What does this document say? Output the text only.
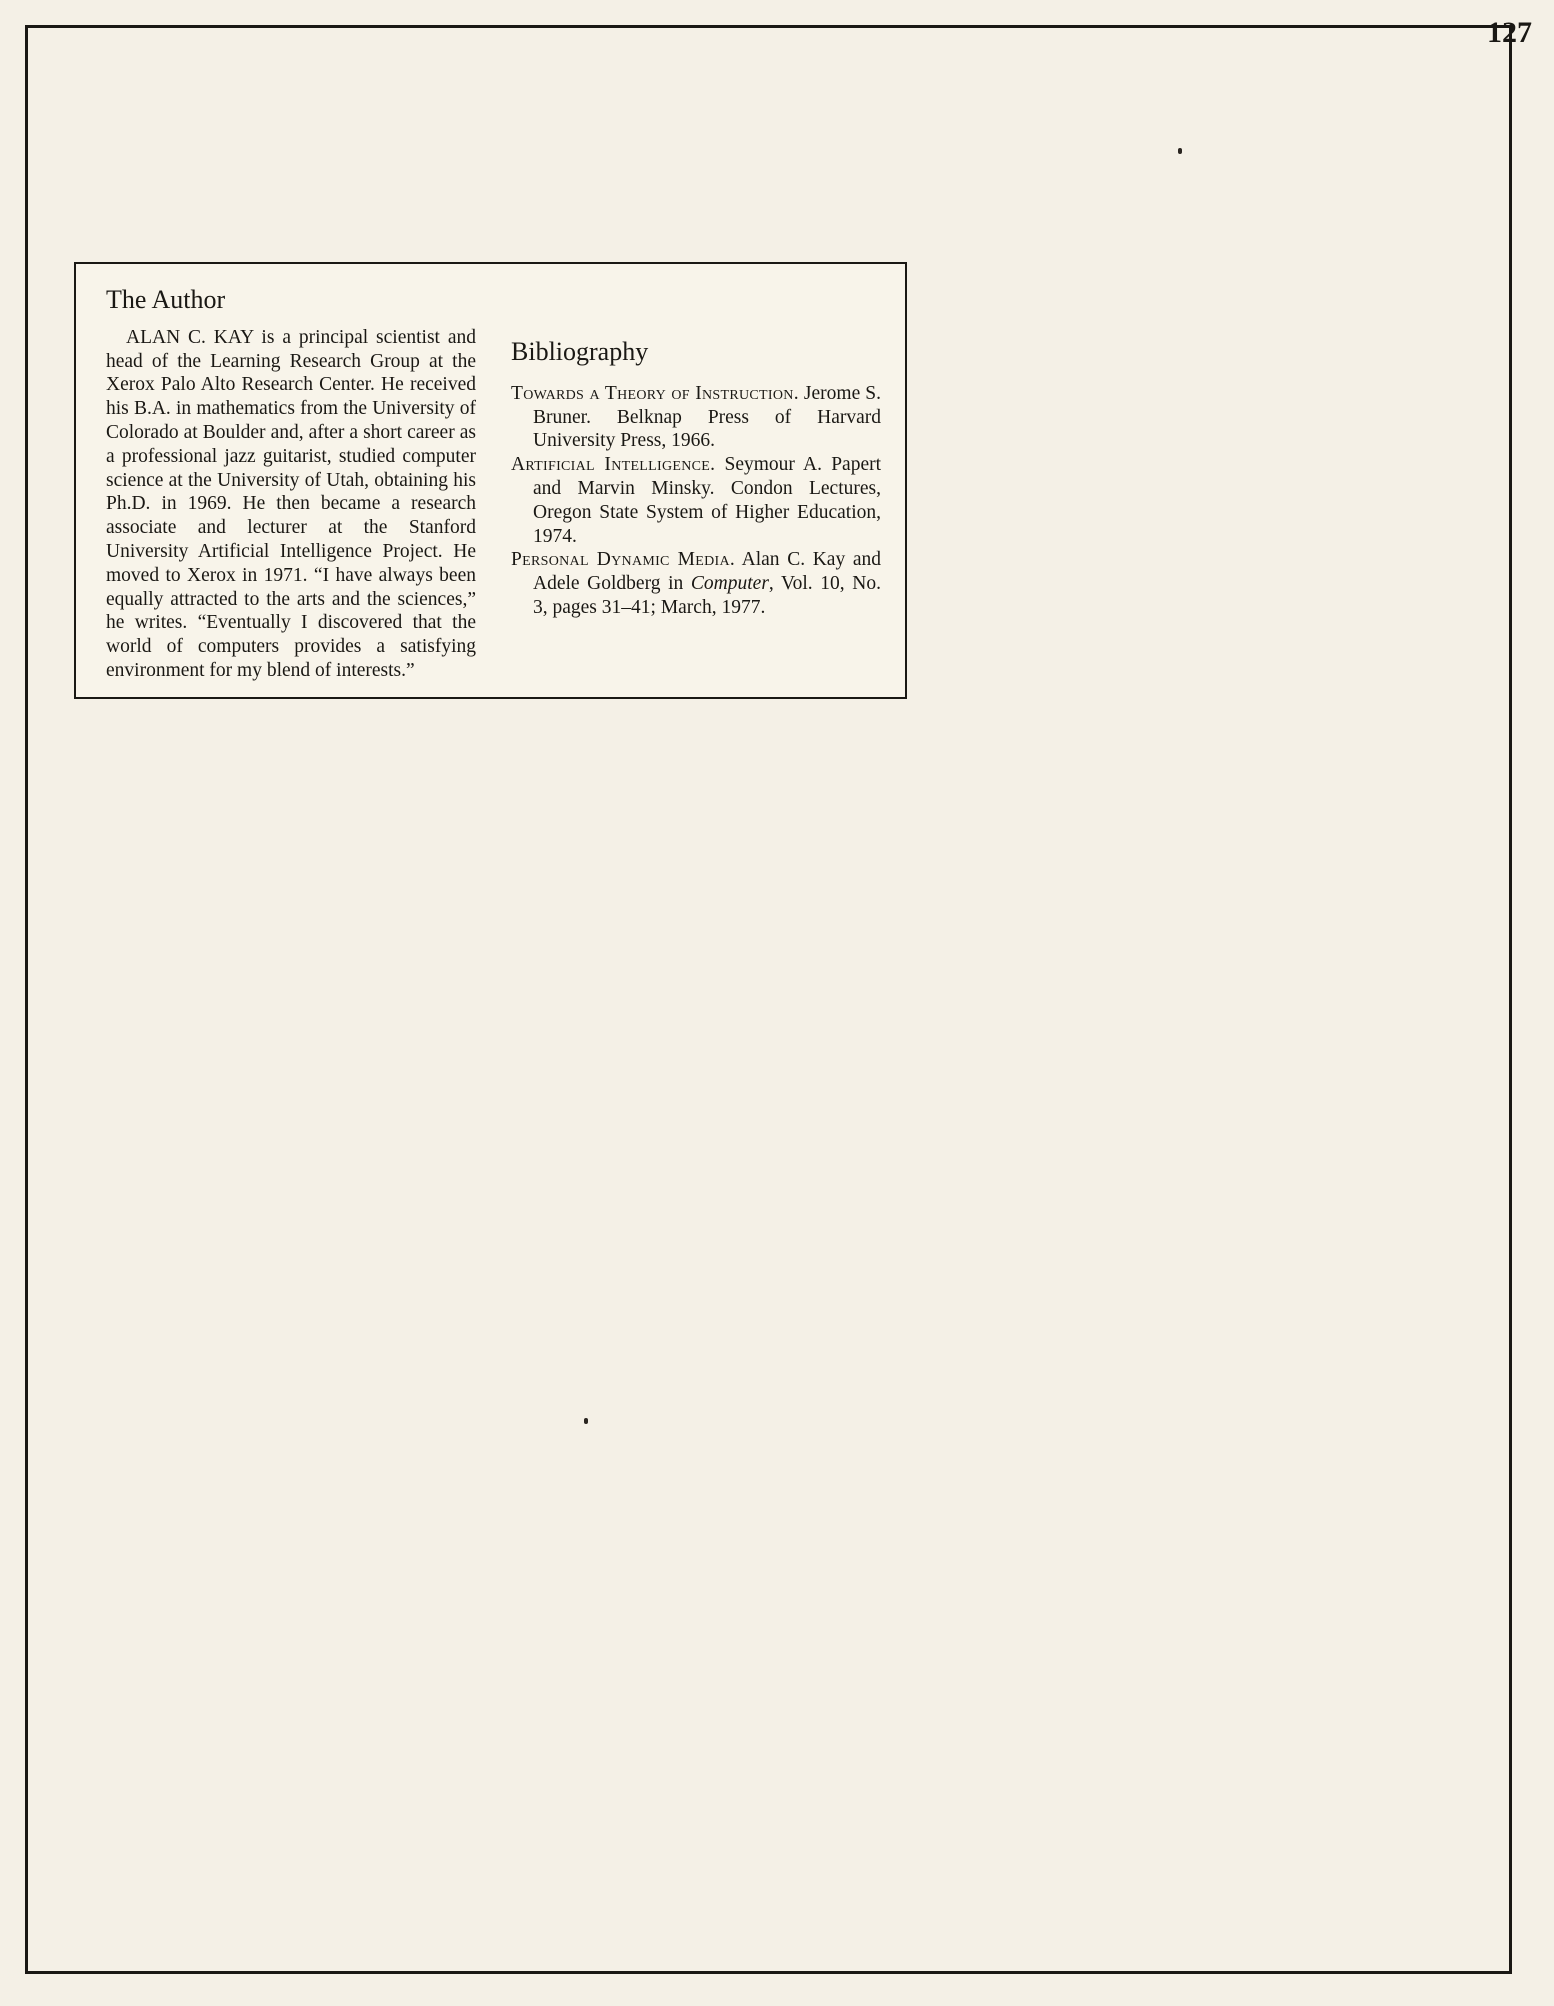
127
The Author

ALAN C. KAY is a principal scientist and head of the Learning Research Group at the Xerox Palo Alto Research Center. He received his B.A. in mathematics from the University of Colorado at Boulder and, after a short career as a professional jazz guitarist, studied computer science at the University of Utah, obtaining his Ph.D. in 1969. He then became a research associate and lecturer at the Stanford University Artificial Intelligence Project. He moved to Xerox in 1971. “I have always been equally attracted to the arts and the sciences,” he writes. “Eventually I discovered that the world of computers provides a satisfying environment for my blend of interests.”

Bibliography
Towards a Theory of Instruction. Jerome S. Bruner. Belknap Press of Harvard University Press, 1966.
Artificial Intelligence. Seymour A. Papert and Marvin Minsky. Condon Lectures, Oregon State System of Higher Education, 1974.
Personal Dynamic Media. Alan C. Kay and Adele Goldberg in Computer, Vol. 10, No. 3, pages 31–41; March, 1977.
